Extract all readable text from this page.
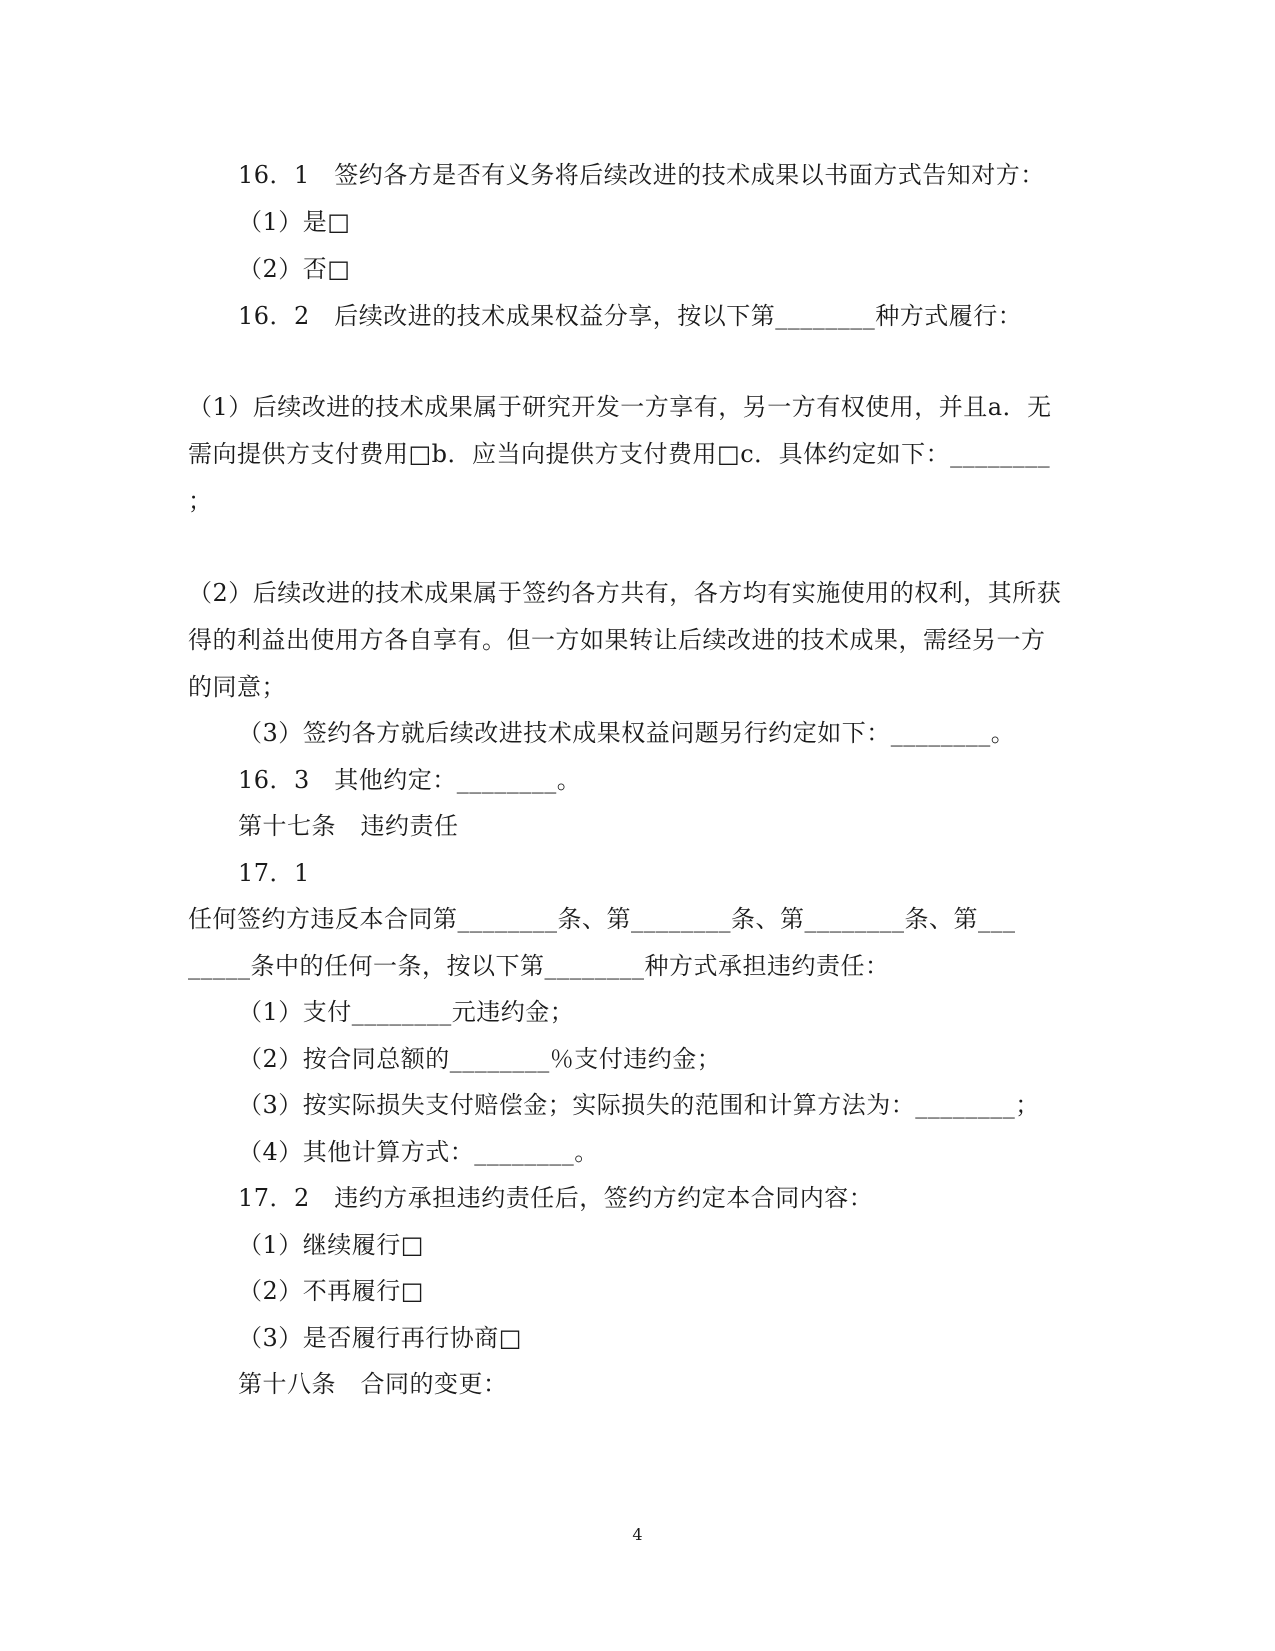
16．1　签约各方是否有义务将后续改进的技术成果以书面方式告知对方：
（1）是□
（2）否□
16．2　后续改进的技术成果权益分享，按以下第________种方式履行：
（1）后续改进的技术成果属于研究开发一方享有，另一方有权使用，并且a．无
需向提供方支付费用□b．应当向提供方支付费用□c．具体约定如下：________
；
（2）后续改进的技术成果属于签约各方共有，各方均有实施使用的权利，其所获
得的利益出使用方各自享有。但一方如果转让后续改进的技术成果，需经另一方
的同意；
（3）签约各方就后续改进技术成果权益问题另行约定如下：________。
16．3　其他约定：________。
第十七条　违约责任
17．1
任何签约方违反本合同第________条、第________条、第________条、第___
_____条中的任何一条，按以下第________种方式承担违约责任：
（1）支付________元违约金；
（2）按合同总额的________％支付违约金；
（3）按实际损失支付赔偿金；实际损失的范围和计算方法为：________；
（4）其他计算方式：________。
17．2　违约方承担违约责任后，签约方约定本合同内容：
（1）继续履行□
（2）不再履行□
（3）是否履行再行协商□
第十八条　合同的变更：
4
